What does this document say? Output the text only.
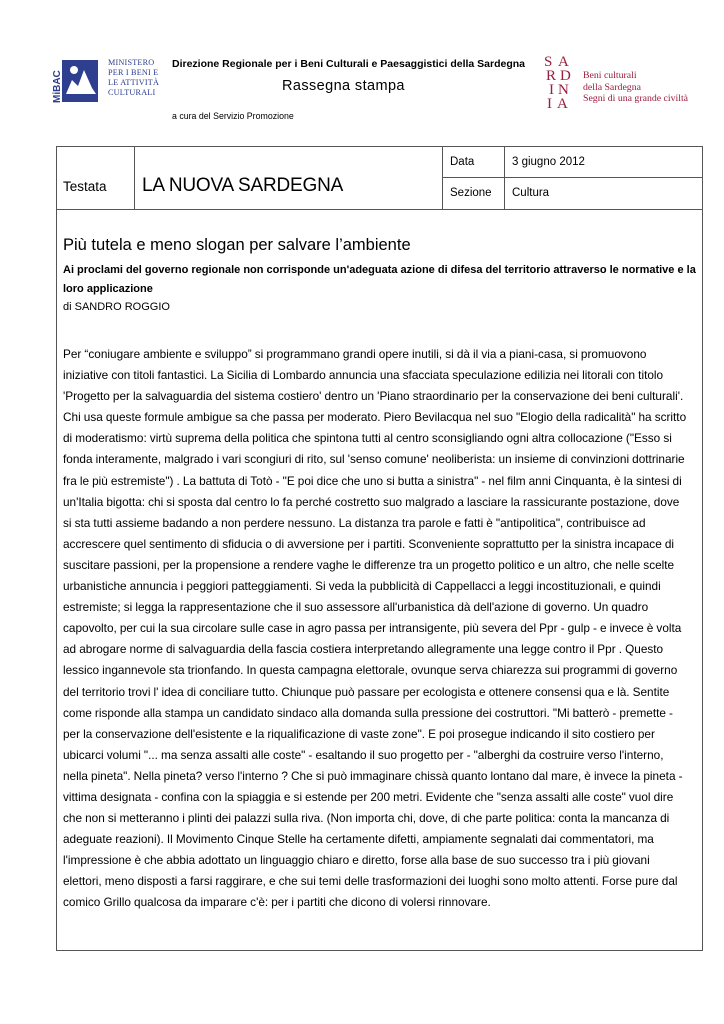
MiBAC
MINISTERO
PER I BENI E
LE ATTIVITÀ
CULTURALI
Direzione Regionale per i Beni Culturali e Paesaggistici della Sardegna
Rassegna stampa
a cura del Servizio Promozione
S A
R D
I N
I A
Beni culturali
della Sardegna
Segni di una grande civiltà
Testata LA NUOVA SARDEGNA
Data	3 giugno 2012
Sezione Cultura
Più tutela e meno slogan per salvare l’ambiente
Ai proclami del governo regionale non corrisponde un'adeguata azione di difesa del territorio attraverso le normative e la loro applicazione
di SANDRO ROGGIO
Per “coniugare ambiente e sviluppo” si programmano grandi opere inutili, si dà il via a piani-casa, si promuovono
iniziative con titoli fantastici. La Sicilia di Lombardo annuncia una sfacciata speculazione edilizia nei litorali con titolo
'Progetto per la salvaguardia del sistema costiero' dentro un 'Piano straordinario per la conservazione dei beni culturali'.
Chi usa queste formule ambigue sa che passa per moderato. Piero Bevilacqua nel suo "Elogio della radicalità" ha scritto
di moderatismo: virtù suprema della politica che spintona tutti al centro sconsigliando ogni altra collocazione ("Esso si
fonda interamente, malgrado i vari scongiuri di rito, sul 'senso comune' neoliberista: un insieme di convinzioni dottrinarie
fra le più estremiste") . La battuta di Totò - "E poi dice che uno si butta a sinistra" - nel film anni Cinquanta, è la sintesi di
un'Italia bigotta: chi si sposta dal centro lo fa perché costretto suo malgrado a lasciare la rassicurante postazione, dove
si sta tutti assieme badando a non perdere nessuno. La distanza tra parole e fatti è "antipolitica", contribuisce ad
accrescere quel sentimento di sfiducia o di avversione per i partiti. Sconveniente soprattutto per la sinistra incapace di
suscitare passioni, per la propensione a rendere vaghe le differenze tra un progetto politico e un altro, che nelle scelte
urbanistiche annuncia i peggiori patteggiamenti. Si veda la pubblicità di Cappellacci a leggi incostituzionali, e quindi
estremiste; si legga la rappresentazione che il suo assessore all'urbanistica dà dell'azione di governo. Un quadro
capovolto, per cui la sua circolare sulle case in agro passa per intransigente, più severa del Ppr - gulp - e invece è volta
ad abrogare norme di salvaguardia della fascia costiera interpretando allegramente una legge contro il Ppr . Questo
lessico ingannevole sta trionfando. In questa campagna elettorale, ovunque serva chiarezza sui programmi di governo
del territorio trovi l' idea di conciliare tutto. Chiunque può passare per ecologista e ottenere consensi qua e là. Sentite
come risponde alla stampa un candidato sindaco alla domanda sulla pressione dei costruttori. "Mi batterò - premette -
per la conservazione dell'esistente e la riqualificazione di vaste zone". E poi prosegue indicando il sito costiero per
ubicarci volumi "... ma senza assalti alle coste" - esaltando il suo progetto per - "alberghi da costruire verso l'interno,
nella pineta". Nella pineta? verso l'interno ? Che si può immaginare chissà quanto lontano dal mare, è invece la pineta -
vittima designata - confina con la spiaggia e si estende per 200 metri. Evidente che "senza assalti alle coste" vuol dire
che non si metteranno i plinti dei palazzi sulla riva. (Non importa chi, dove, di che parte politica: conta la mancanza di
adeguate reazioni). Il Movimento Cinque Stelle ha certamente difetti, ampiamente segnalati dai commentatori, ma
l'impressione è che abbia adottato un linguaggio chiaro e diretto, forse alla base de suo successo tra i più giovani
elettori, meno disposti a farsi raggirare, e che sui temi delle trasformazioni dei luoghi sono molto attenti. Forse pure dal
comico Grillo qualcosa da imparare c'è: per i partiti che dicono di volersi rinnovare.
